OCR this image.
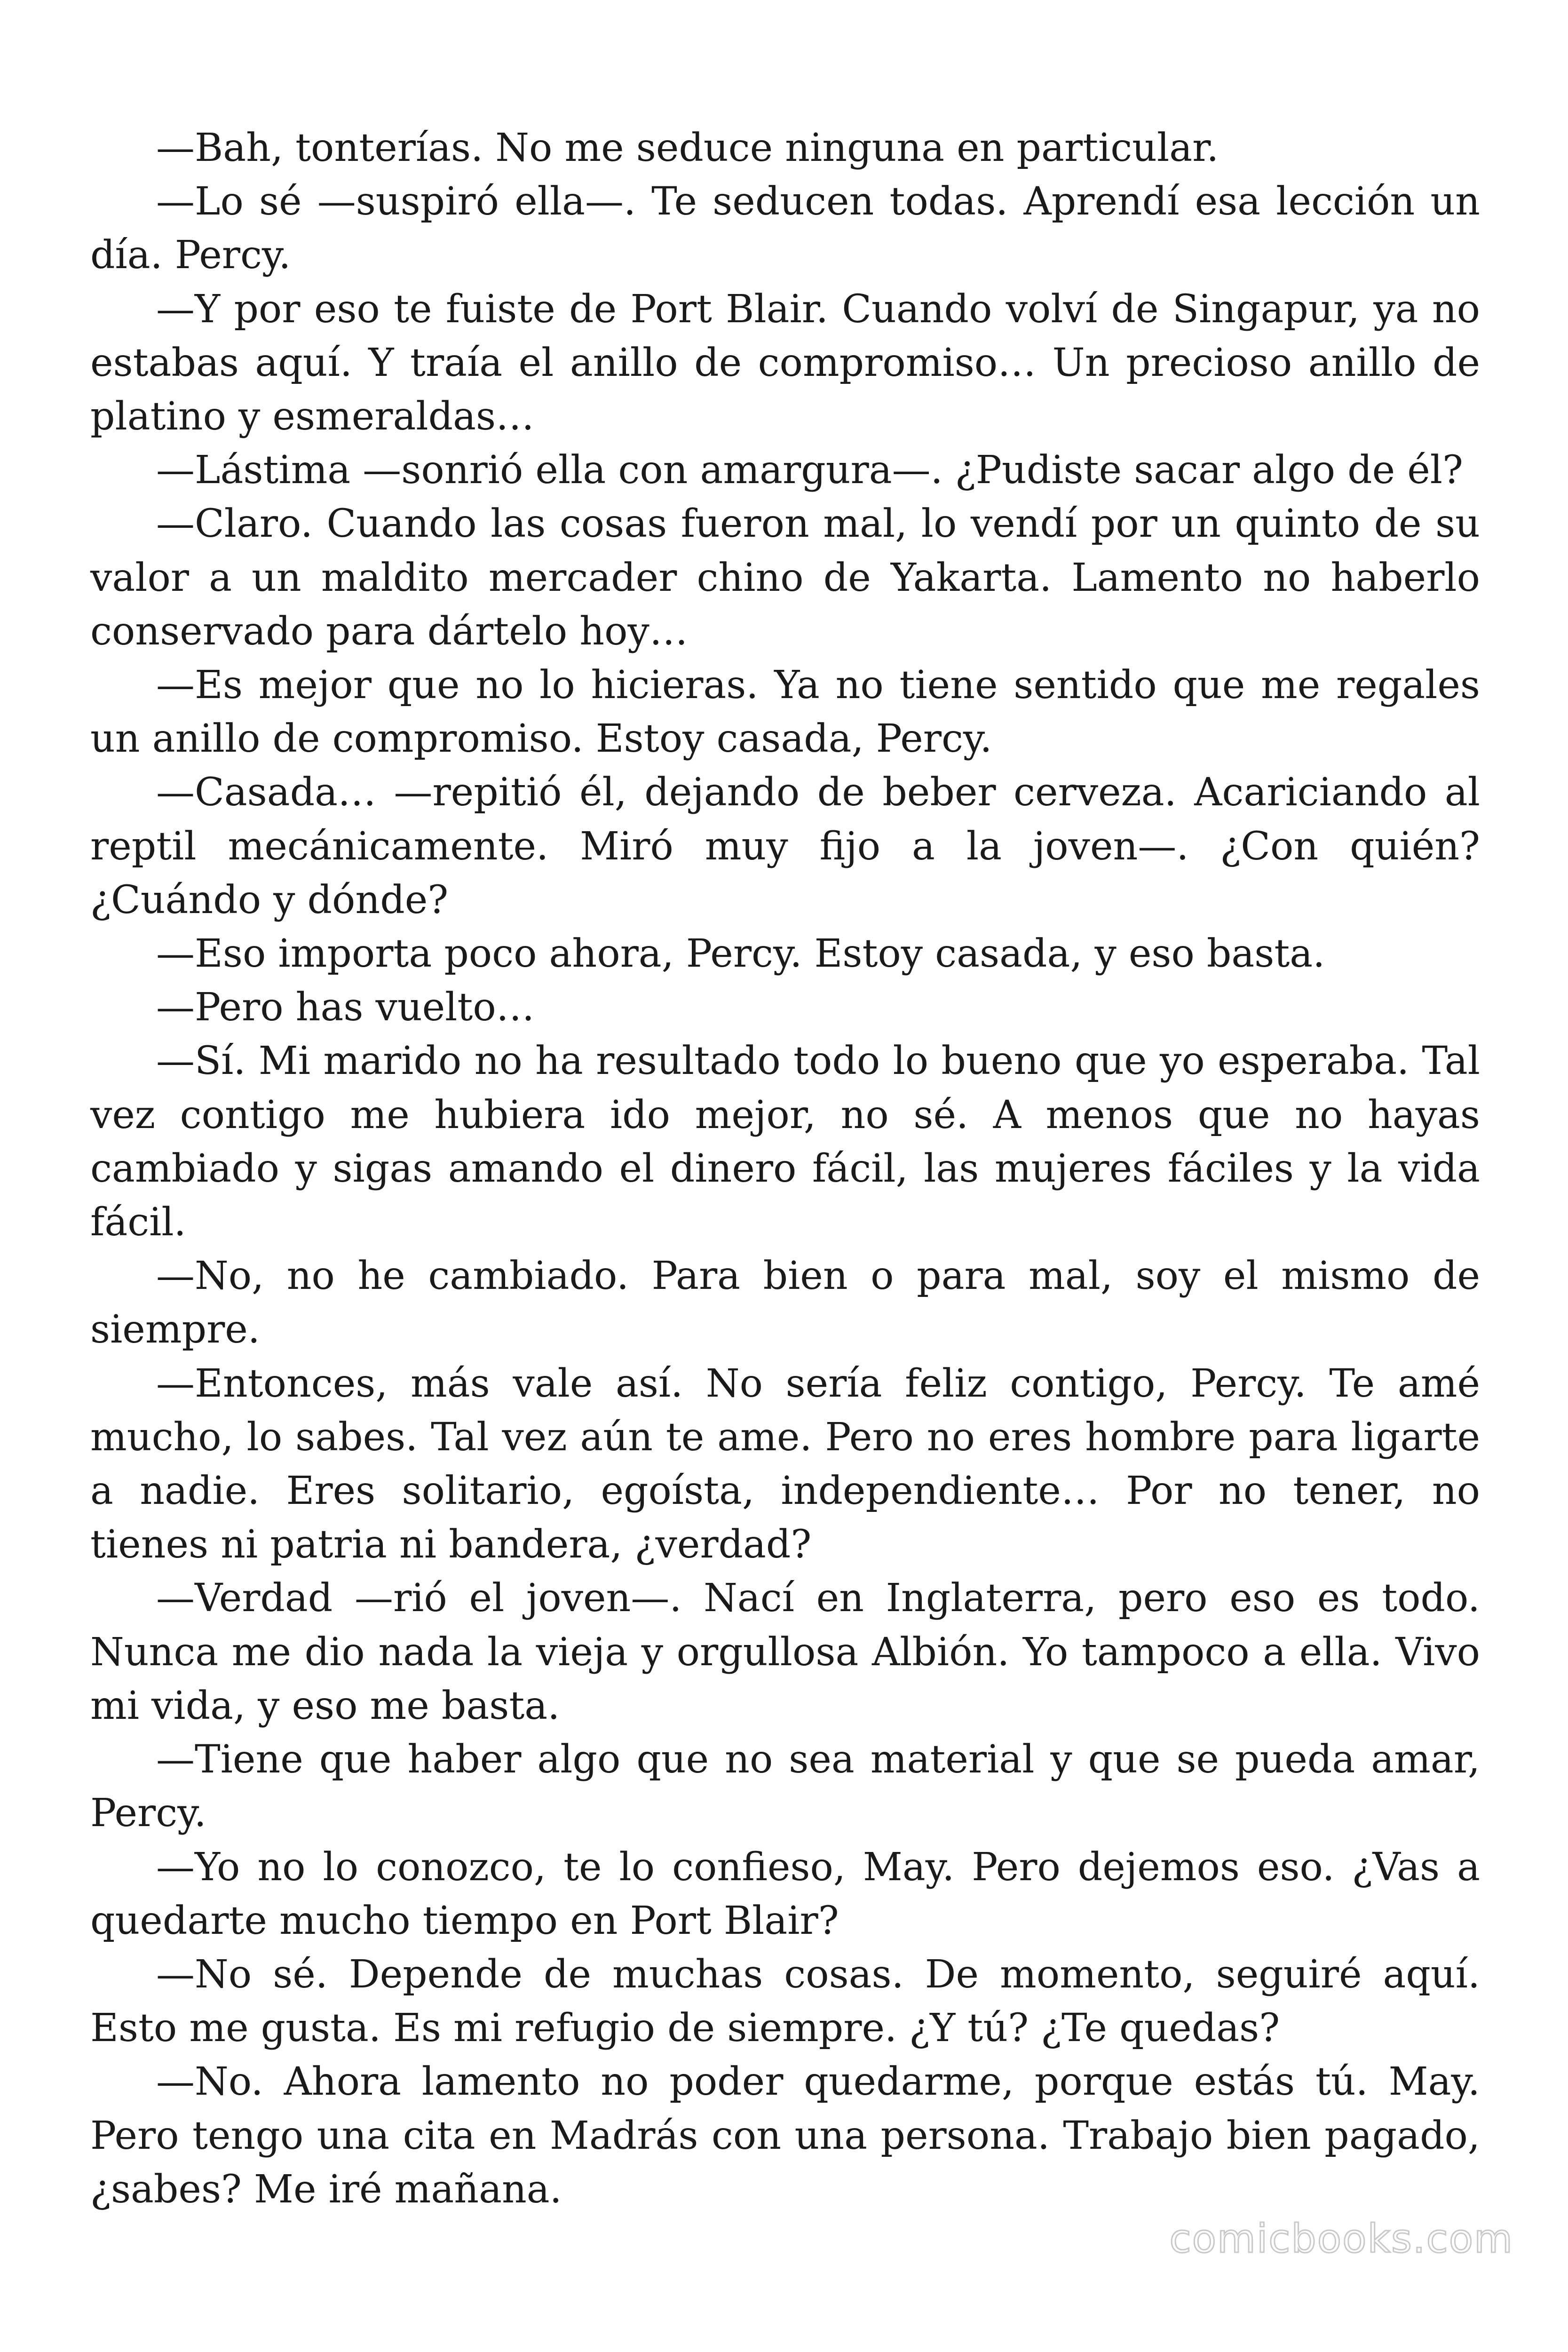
—Bah, tonterías. No me seduce ninguna en particular.

—Lo sé —suspiró ella—. Te seducen todas. Aprendí esa lección un día. Percy.

—Y por eso te fuiste de Port Blair. Cuando volví de Singapur, ya no estabas aquí. Y traía el anillo de compromiso… Un precioso anillo de platino y esmeraldas…

—Lástima —sonrió ella con amargura—. ¿Pudiste sacar algo de él?

—Claro. Cuando las cosas fueron mal, lo vendí por un quinto de su valor a un maldito mercader chino de Yakarta. Lamento no haberlo conservado para dártelo hoy…

—Es mejor que no lo hicieras. Ya no tiene sentido que me regales un anillo de compromiso. Estoy casada, Percy.

—Casada… —repitió él, dejando de beber cerveza. Acariciando al reptil mecánicamente. Miró muy fijo a la joven—. ¿Con quién? ¿Cuándo y dónde?

—Eso importa poco ahora, Percy. Estoy casada, y eso basta.

—Pero has vuelto…

—Sí. Mi marido no ha resultado todo lo bueno que yo esperaba. Tal vez contigo me hubiera ido mejor, no sé. A menos que no hayas cambiado y sigas amando el dinero fácil, las mujeres fáciles y la vida fácil.

—No, no he cambiado. Para bien o para mal, soy el mismo de siempre.

—Entonces, más vale así. No sería feliz contigo, Percy. Te amé mucho, lo sabes. Tal vez aún te ame. Pero no eres hombre para ligarte a nadie. Eres solitario, egoísta, independiente… Por no tener, no tienes ni patria ni bandera, ¿verdad?

—Verdad —rió el joven—. Nací en Inglaterra, pero eso es todo. Nunca me dio nada la vieja y orgullosa Albión. Yo tampoco a ella. Vivo mi vida, y eso me basta.

—Tiene que haber algo que no sea material y que se pueda amar, Percy.

—Yo no lo conozco, te lo confieso, May. Pero dejemos eso. ¿Vas a quedarte mucho tiempo en Port Blair?

—No sé. Depende de muchas cosas. De momento, seguiré aquí. Esto me gusta. Es mi refugio de siempre. ¿Y tú? ¿Te quedas?

—No. Ahora lamento no poder quedarme, porque estás tú. May. Pero tengo una cita en Madrás con una persona. Trabajo bien pagado, ¿sabes? Me iré mañana.

comicbooks.com
